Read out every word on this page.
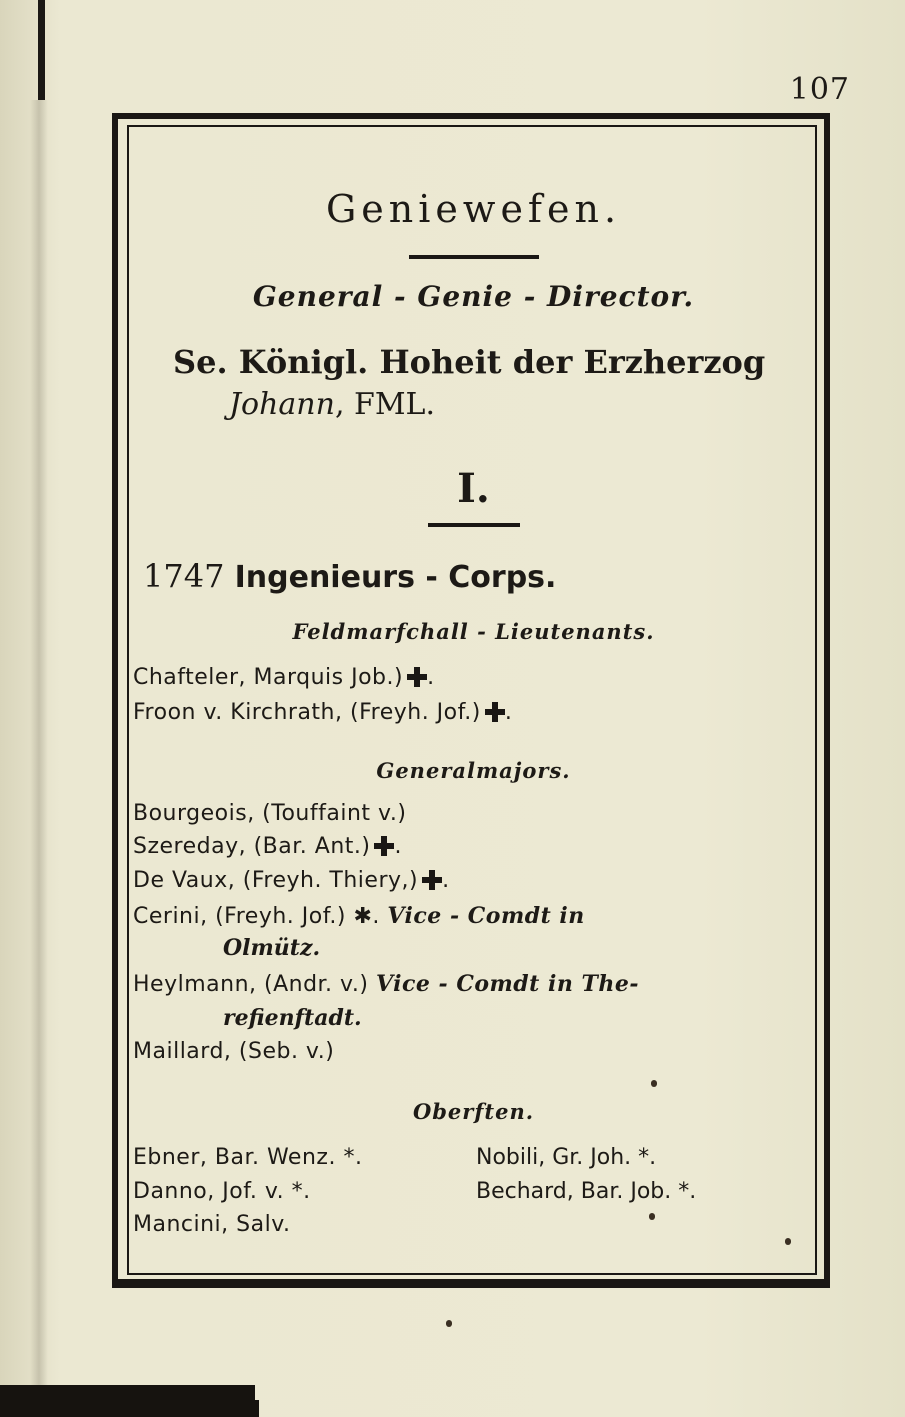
107
Geniewefen.
General - Genie - Director.
Se. Königl. Hoheit der Erzherzog
Johann, FML.
I.
1747 Ingenieurs - Corps.
Feldmarfchall - Lieutenants.
Chafteler, Marquis Job.) .
Froon v. Kirchrath, (Freyh. Jof.) .
Generalmajors.
Bourgeois, (Touffaint v.)
Szereday, (Bar. Ant.) .
De Vaux, (Freyh. Thiery,) .
Cerini, (Freyh. Jof.) ✱. Vice - Comdt in
Olmütz.
Heylmann, (Andr. v.) Vice - Comdt in The-
refienftadt.
Maillard, (Seb. v.)
Oberften.
Ebner, Bar. Wenz. *.	Nobili, Gr. Joh. *.
Danno, Jof. v. *.	Bechard, Bar. Job. *.
Mancini, Salv.
